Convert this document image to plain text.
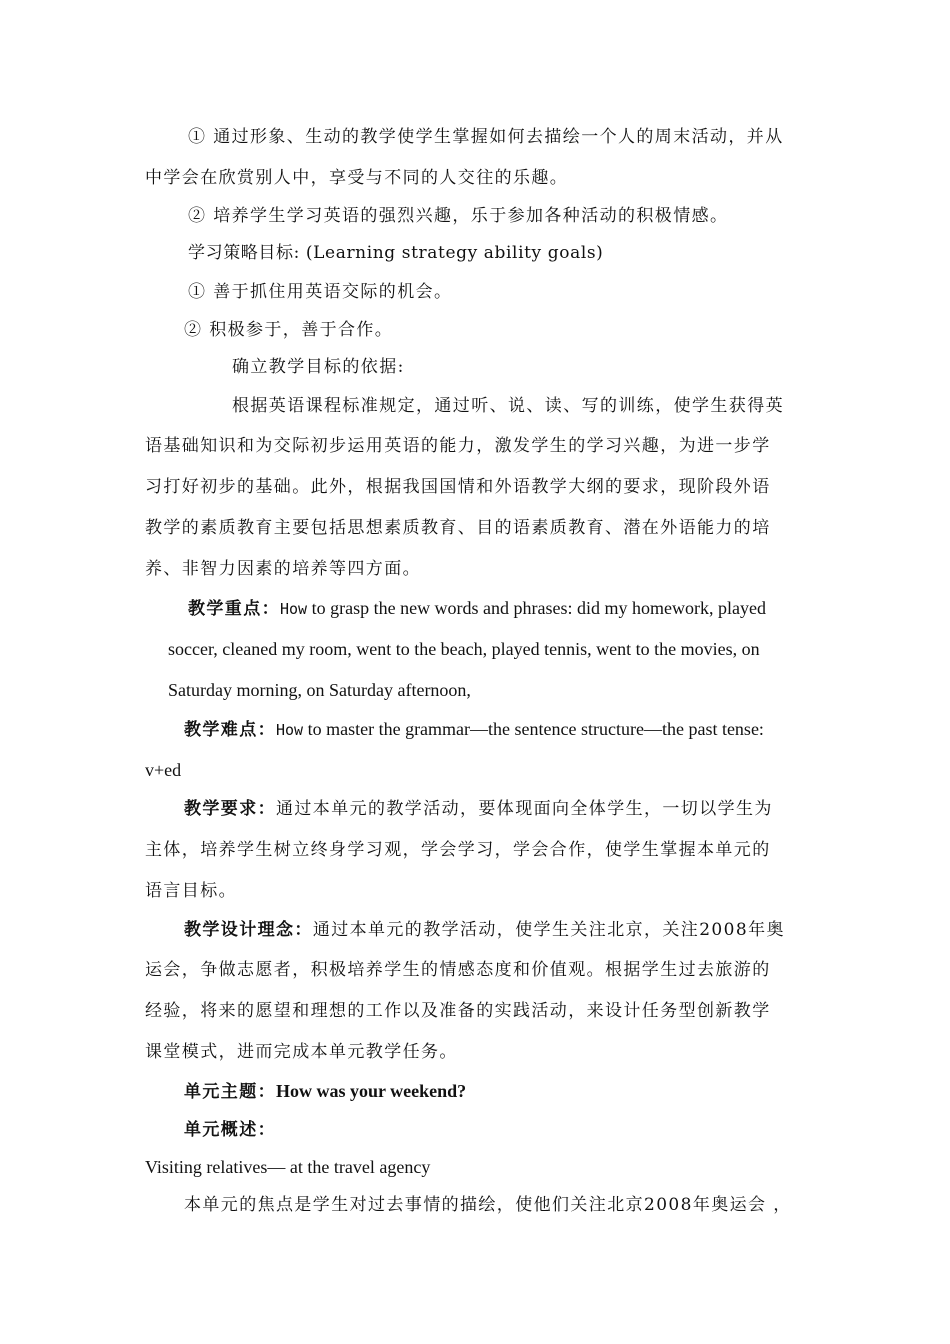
① 通过形象、生动的教学使学生掌握如何去描绘一个人的周末活动，并从
中学会在欣赏别人中，享受与不同的人交往的乐趣。
② 培养学生学习英语的强烈兴趣，乐于参加各种活动的积极情感。
学习策略目标: (Learning strategy ability goals)
① 善于抓住用英语交际的机会。
② 积极参于，善于合作。
确立教学目标的依据:
根据英语课程标准规定，通过听、说、读、写的训练，使学生获得英
语基础知识和为交际初步运用英语的能力，激发学生的学习兴趣，为进一步学
习打好初步的基础。此外，根据我国国情和外语教学大纲的要求，现阶段外语
教学的素质教育主要包括思想素质教育、目的语素质教育、潜在外语能力的培
养、非智力因素的培养等四方面。
教学重点：How to grasp the new words and phrases: did my homework, played
soccer, cleaned my room, went to the beach, played tennis, went to the movies, on
Saturday morning, on Saturday afternoon,
教学难点：How to master the grammar—the sentence structure—the past tense:
v+ed
教学要求：通过本单元的教学活动，要体现面向全体学生，一切以学生为
主体，培养学生树立终身学习观，学会学习，学会合作，使学生掌握本单元的
语言目标。
教学设计理念：通过本单元的教学活动，使学生关注北京，关注2008年奥
运会，争做志愿者，积极培养学生的情感态度和价值观。根据学生过去旅游的
经验，将来的愿望和理想的工作以及准备的实践活动，来设计任务型创新教学
课堂模式，进而完成本单元教学任务。
单元主题：How was your weekend?
单元概述：
Visiting relatives— at the travel agency
本单元的焦点是学生对过去事情的描绘，使他们关注北京2008年奥运会 ，
